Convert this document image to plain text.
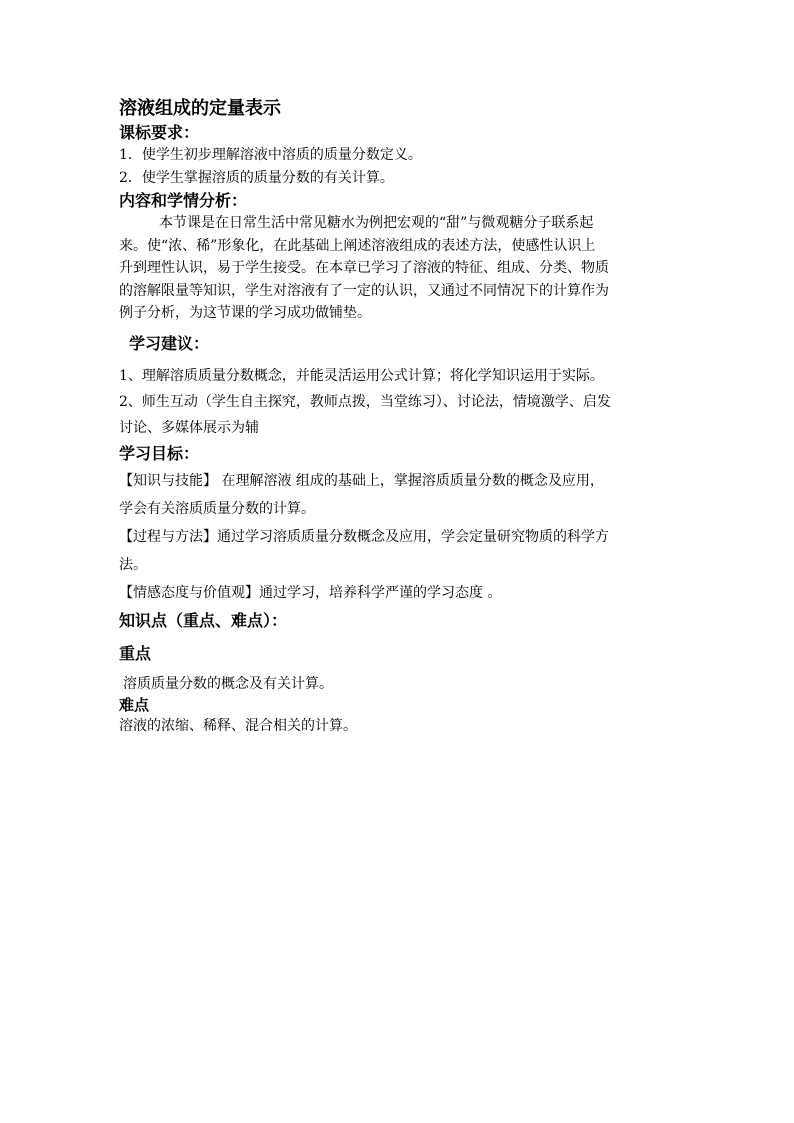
溶液组成的定量表示
课标要求：
1．使学生初步理解溶液中溶质的质量分数定义。
2．使学生掌握溶质的质量分数的有关计算。
内容和学情分析：
本节课是在日常生活中常见糖水为例把宏观的“甜”与微观糖分子联系起
来。使“浓、稀”形象化，在此基础上阐述溶液组成的表述方法，使感性认识上
升到理性认识，易于学生接受。在本章已学习了溶液的特征、组成、分类、物质
的溶解限量等知识，学生对溶液有了一定的认识，又通过不同情况下的计算作为
例子分析，为这节课的学习成功做铺垫。
学习建议：
1、理解溶质质量分数概念，并能灵活运用公式计算；将化学知识运用于实际。
2、师生互动（学生自主探究，教师点拨，当堂练习）、讨论法，情境激学、启发
讨论、多媒体展示为辅
学习目标：
【知识与技能】 在理解溶液 组成的基础上，掌握溶质质量分数的概念及应用，
学会有关溶质质量分数的计算。
【过程与方法】通过学习溶质质量分数概念及应用，学会定量研究物质的科学方
法。
【情感态度与价值观】通过学习，培养科学严谨的学习态度 。
知识点（重点、难点）：
重点
溶质质量分数的概念及有关计算。
难点
溶液的浓缩、稀释、混合相关的计算。
